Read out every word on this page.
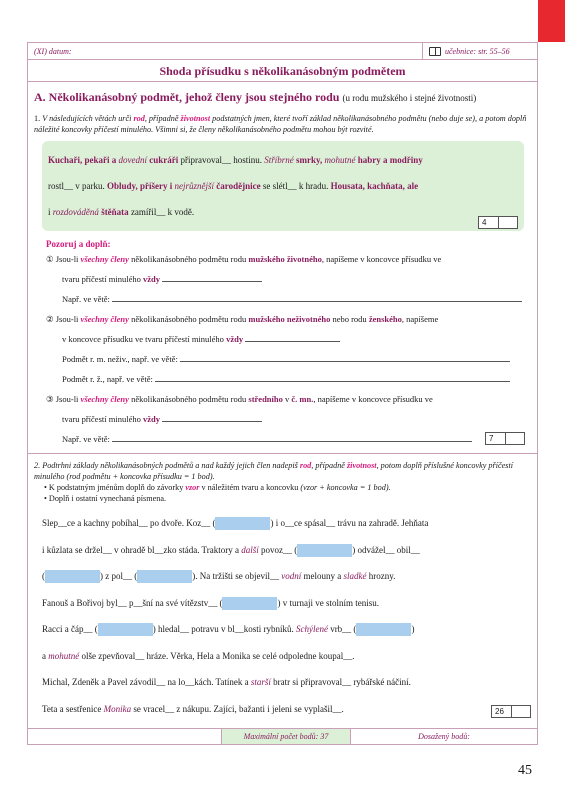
(XI) datum:	učebnice: str. 55–56
Shoda přísudku s několikanásobným podmětem
A. Několikanásobný podmět, jehož členy jsou stejného rodu (u rodu mužského i stejné životnosti)
1. V následujících větách urči rod, případně životnost podstatných jmen, které tvoří základ několikanásobného podmětu (nebo duje se), a potom doplň náležité koncovky příčestí minulého. Všimni si, že členy několikanásobného podmětu mohou být rozvité.
Kuchaři, pekaři a dovední cukráři připravoval__ hostinu. Stříbrné smrky, mohutné habry a modřiny
rostl__ v parku. Obludy, příšery i nejrůznější čarodějnice se slétl__ k hradu. Housata, kachňata, ale
i rozdováděná štěňata zamířil__ k vodě.
4
Pozoruj a doplň:
① Jsou-li všechny členy několikanásobného podmětu rodu mužského životného, napíšeme v koncovce přísudku ve
tvaru příčestí minulého vždy
Např. ve větě:
② Jsou-li všechny členy několikanásobného podmětu rodu mužského neživotného nebo rodu ženského, napíšeme
v koncovce přísudku ve tvaru příčestí minulého vždy
Podmět r. m. neživ., např. ve větě:
Podmět r. ž., např. ve větě:
③ Jsou-li všechny členy několikanásobného podmětu rodu středního v č. mn., napíšeme v koncovce přísudku ve
tvaru příčestí minulého vždy
Např. ve větě:	7
2. Podtrhni základy několikanásobných podmětů a nad každý jejich člen nadepiš rod, případně životnost, potom doplň příslušné koncovky příčestí minulého (rod podmětu + koncovka přísudku = 1 bod).
• K podstatným jménům doplň do závorky vzor v náležitém tvaru a koncovku (vzor + koncovka = 1 bod).
• Doplň i ostatní vynechaná písmena.
Slep__ce a kachny pobíhal__ po dvoře. Koz__ (	) i o__ce spásal__ trávu na zahradě. Jehňata
i kůzlata se držel__ v ohradě bl__zko stáda. Traktory a další povoz__ (	) odvážel__ obil__
(	) z pol__ (	). Na tržišti se objevil__ vodní melouny a sladké hrozny.
Fanouš a Bořivoj byl__ p__šní na své vítězstv__ (	) v turnaji ve stolním tenisu.
Racci a čáp__ (	) hledal__ potravu v bl__kosti rybníků. Schýlené vrb__ (	)
a mohutné olše zpevňoval__ hráze. Věrka, Hela a Monika se celé odpoledne koupal__.
Michal, Zdeněk a Pavel závodil__ na lo__kách. Tatínek a starší bratr si připravoval__ rybářské náčiní.
Teta a sestřenice Monika se vracel__ z nákupu. Zajíci, bažanti i jeleni se vyplašil__.	26
Maximální počet bodů: 37	Dosažený bodů:
45
